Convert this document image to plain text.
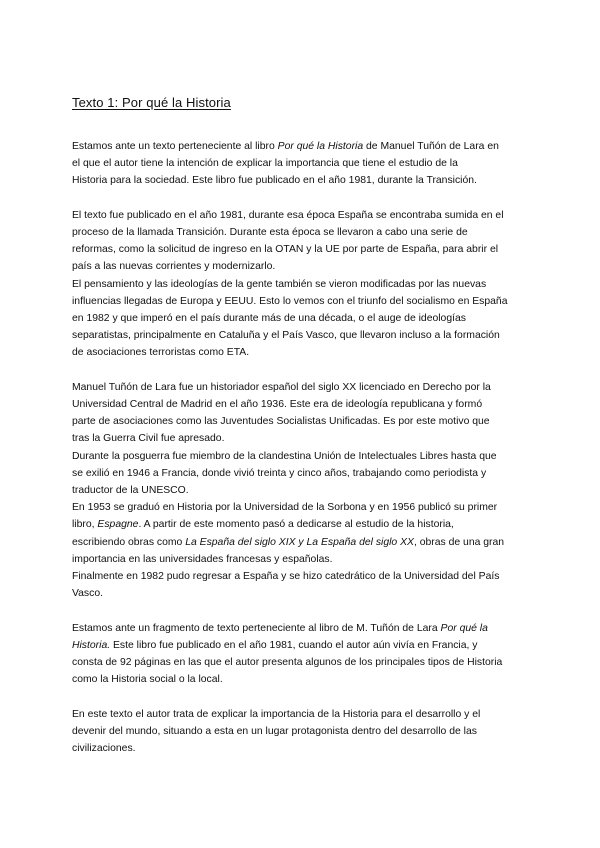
Texto 1: Por qué la Historia

Estamos ante un texto perteneciente al libro Por qué la Historia de Manuel Tuñón de Lara en
el que el autor tiene la intención de explicar la importancia que tiene el estudio de la
Historia para la sociedad. Este libro fue publicado en el año 1981, durante la Transición.

El texto fue publicado en el año 1981, durante esa época España se encontraba sumida en el
proceso de la llamada Transición. Durante esta época se llevaron a cabo una serie de
reformas, como la solicitud de ingreso en la OTAN y la UE por parte de España, para abrir el
país a las nuevas corrientes y modernizarlo.
El pensamiento y las ideologías de la gente también se vieron modificadas por las nuevas
influencias llegadas de Europa y EEUU. Esto lo vemos con el triunfo del socialismo en España
en 1982 y que imperó en el país durante más de una década, o el auge de ideologías
separatistas, principalmente en Cataluña y el País Vasco, que llevaron incluso a la formación
de asociaciones terroristas como ETA.

Manuel Tuñón de Lara fue un historiador español del siglo XX licenciado en Derecho por la
Universidad Central de Madrid en el año 1936. Este era de ideología republicana y formó
parte de asociaciones como las Juventudes Socialistas Unificadas. Es por este motivo que
tras la Guerra Civil fue apresado.
Durante la posguerra fue miembro de la clandestina Unión de Intelectuales Libres hasta que
se exilió en 1946 a Francia, donde vivió treinta y cinco años, trabajando como periodista y
traductor de la UNESCO.
En 1953 se graduó en Historia por la Universidad de la Sorbona y en 1956 publicó su primer
libro, Espagne. A partir de este momento pasó a dedicarse al estudio de la historia,
escribiendo obras como La España del siglo XIX y La España del siglo XX, obras de una gran
importancia en las universidades francesas y españolas.
Finalmente en 1982 pudo regresar a España y se hizo catedrático de la Universidad del País
Vasco.

Estamos ante un fragmento de texto perteneciente al libro de M. Tuñón de Lara Por qué la
Historia. Este libro fue publicado en el año 1981, cuando el autor aún vivía en Francia, y
consta de 92 páginas en las que el autor presenta algunos de los principales tipos de Historia
como la Historia social o la local.

En este texto el autor trata de explicar la importancia de la Historia para el desarrollo y el
devenir del mundo, situando a esta en un lugar protagonista dentro del desarrollo de las
civilizaciones.
